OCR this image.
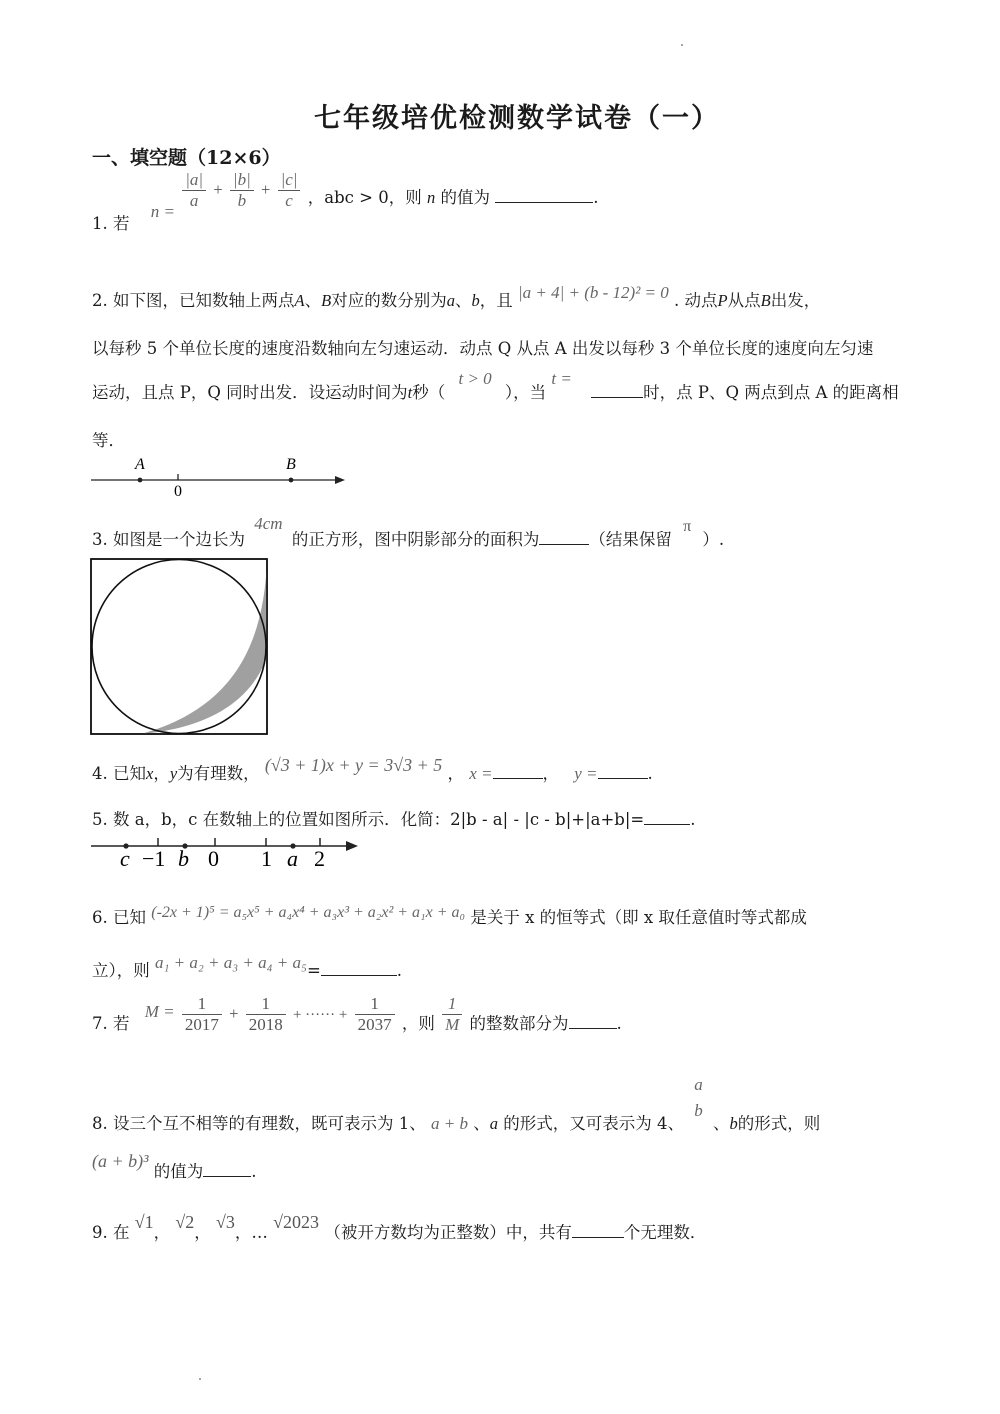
七年级培优检测数学试卷（一）
一、填空题（12×6）
1. 若 n =
$\frac{|a|}{a} + \frac{|b|}{b} + \frac{|c|}{c}$ ，abc > 0，则 n 的值为	.
2. 如下图，已知数轴上两点A、B对应的数分别为a、b，且 |a + 4| + (b - 12)² = 0 . 动点P从点B出发，
以每秒 5 个单位长度的速度沿数轴向左匀速运动．动点 Q 从点 A 出发以每秒 3 个单位长度的速度向左匀速
运动，且点 P，Q 同时出发．设运动时间为t秒（ t > 0 ），当 t = 时，点 P、Q 两点到点 A 的距离相
等．
A
0
B
3. 如图是一个边长为 4cm 的正方形，图中阴影部分的面积为	（结果保留 π ）.
4. 已知x，y为有理数， (√3 + 1)x + y = 3√3 + 5 ， x =	， y =	.
5. 数 a，b，c 在数轴上的位置如图所示．化简：2|b - a| - |c - b|+|a+b|=	.
c −1 b 0 1 a 2
6. 已知 (-2x + 1)⁵ = a₅x⁵ + a₄x⁴ + a₃x³ + a₂x² + a₁x + a₀ 是关于 x 的恒等式（即 x 取任意值时等式都成
立），则 a₁ + a₂ + a₃ + a₄ + a₅=	.
7. 若 $M = \frac{1}{2017} + \frac{1}{2018}$ + ······ + $\frac{1}{2037}$ ，则 $\frac{1}{M}$ 的整数部分为	.
8. 设三个互不相等的有理数，既可表示为 1、 a + b 、a 的形式，又可表示为 4、
a
b
、b的形式，则
(a + b)³ 的值为	.
9. 在 √1， √2， √3，… √2023 （被开方数均为正整数）中，共有	个无理数．
